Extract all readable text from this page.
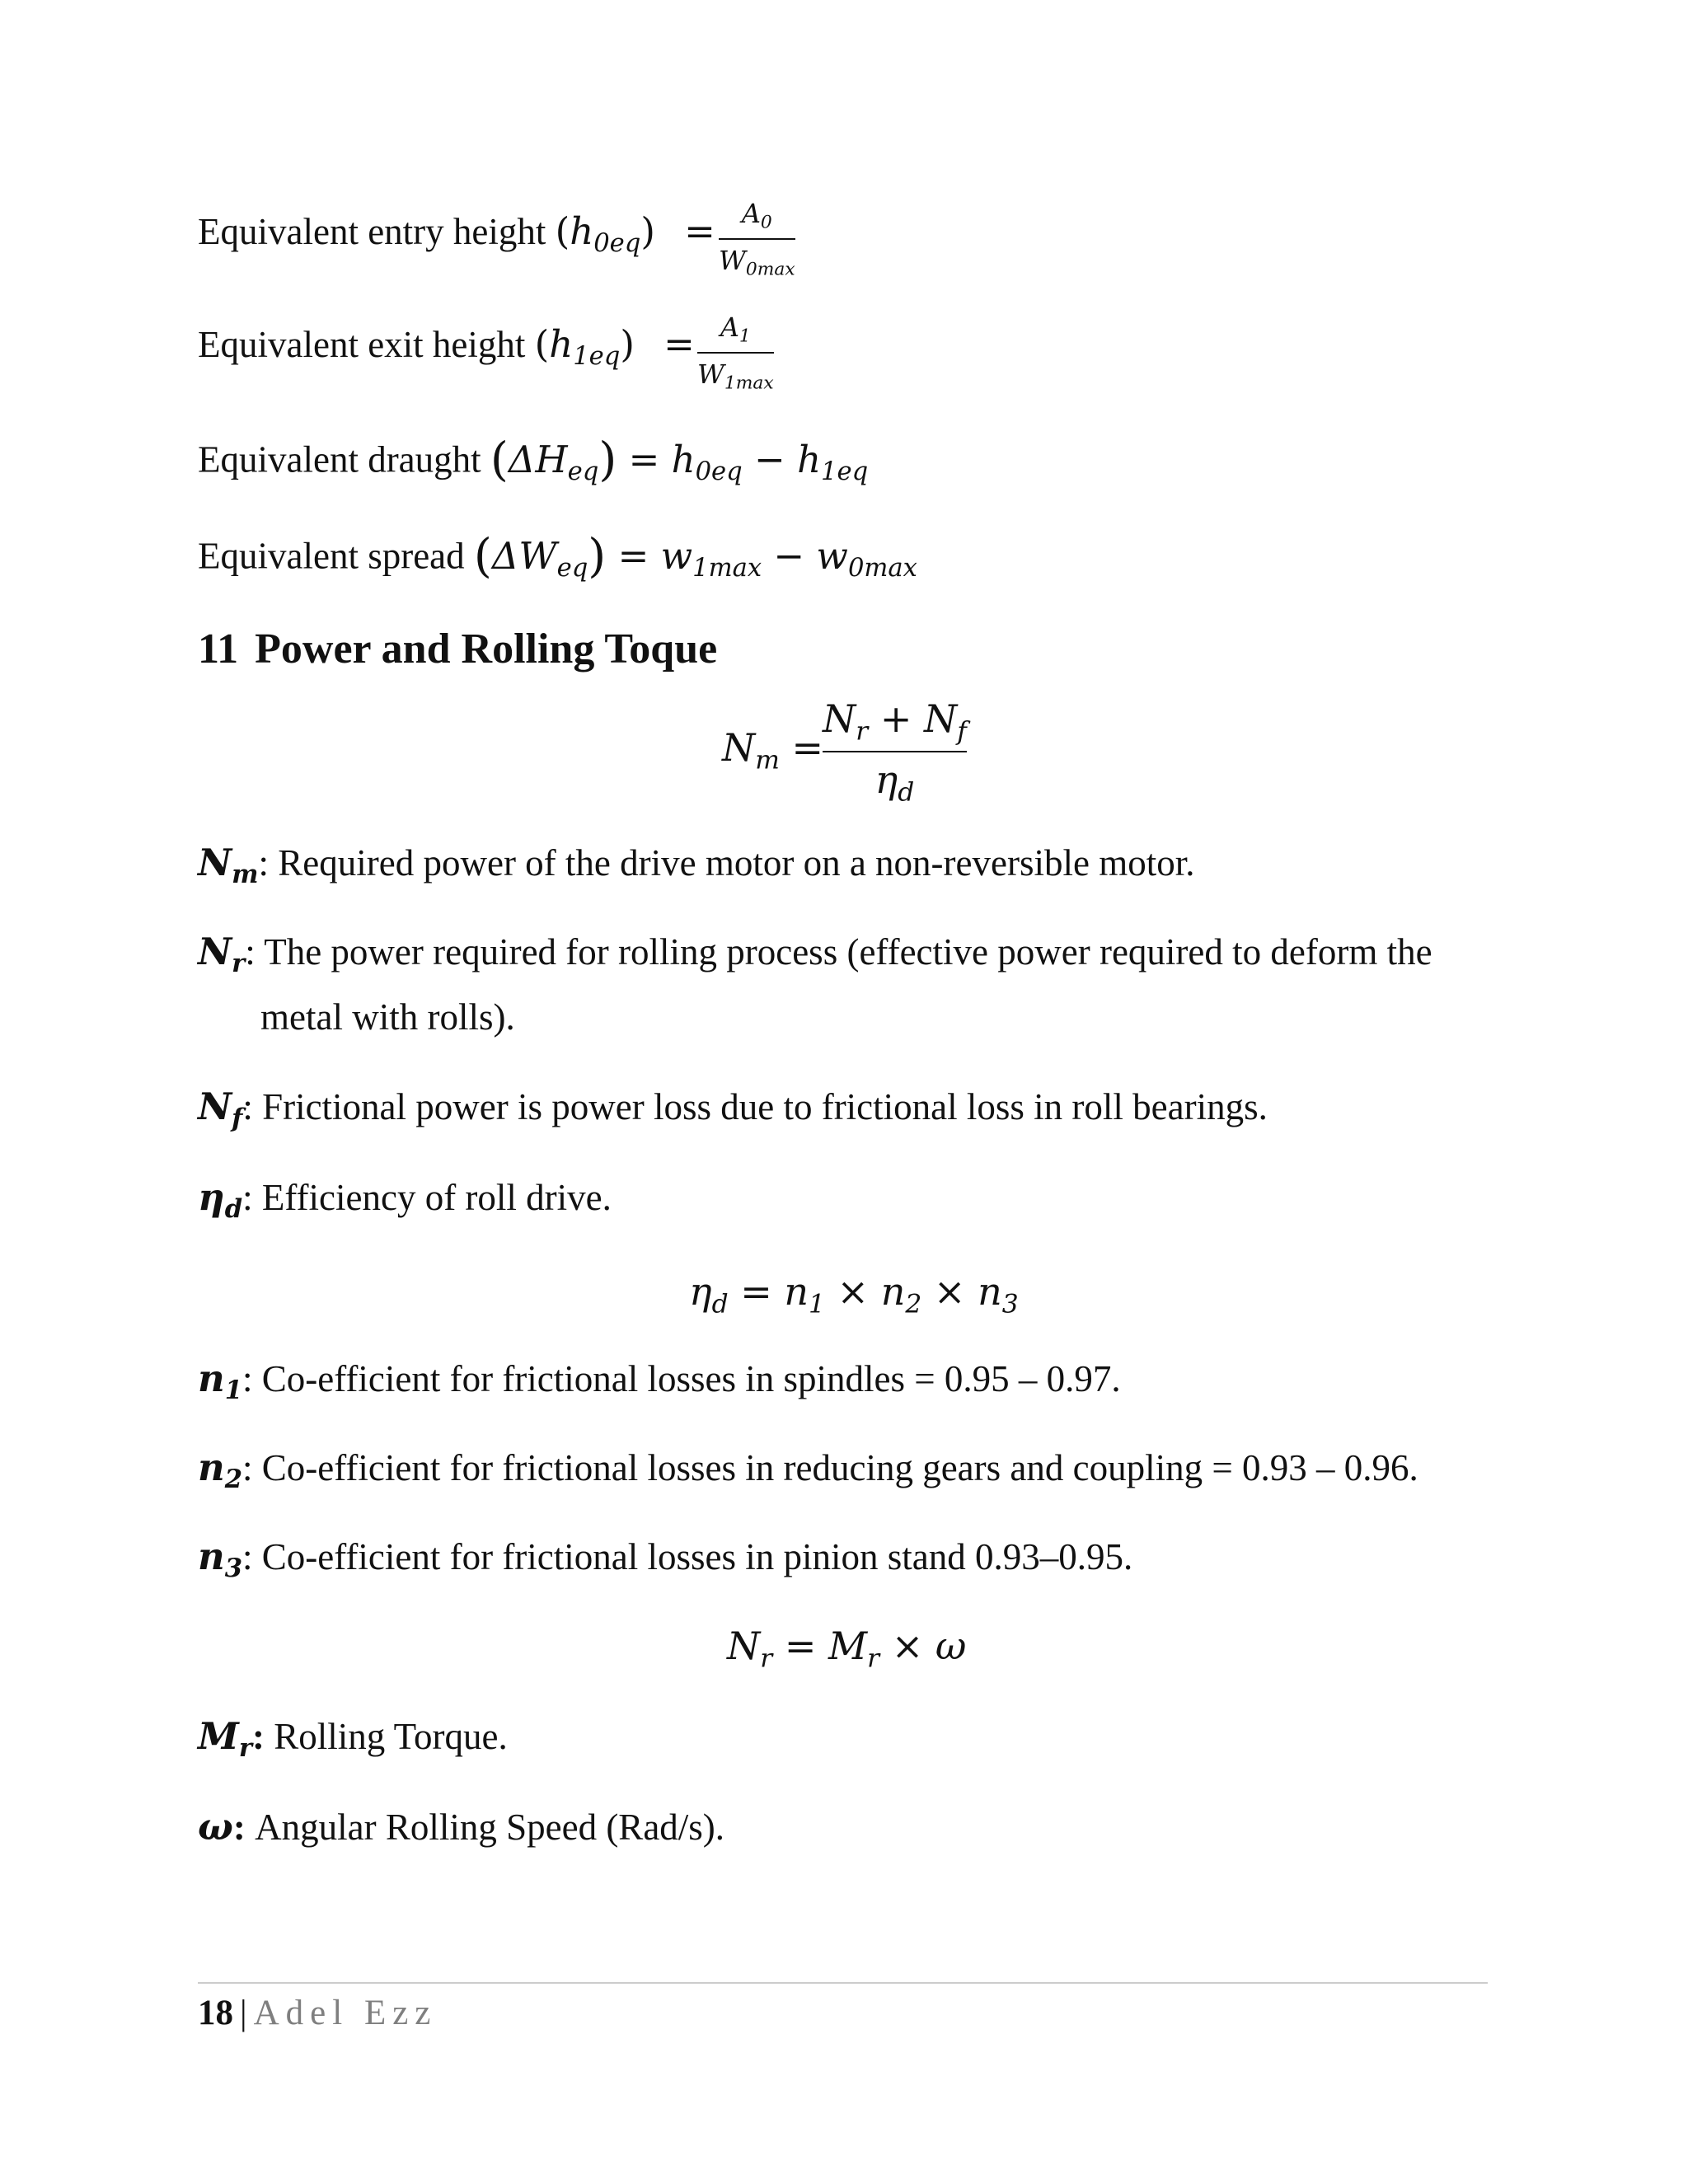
Equivalent entry height $(h_{0eq}) = A_0$
$W_{0max}$
Equivalent exit height $(h_{1eq}) = A_1$
$W_{1max}$
Equivalent draught $(\Delta H_{eq}) = h_{0eq} - h_{1eq}$
Equivalent spread $(\Delta W_{eq}) = w_{1max} - w_{0max}$
11 Power and Rolling Toque
$N_m$ =
$N_r + N_f$
$\eta_d$
$N_m$: Required power of the drive motor on a non-reversible motor.
$N_r$: The power required for rolling process (effective power required to deform the
metal with rolls).
$N_f$: Frictional power is power loss due to frictional loss in roll bearings.
$\eta_d$: Efficiency of roll drive.
$\eta_d = n_1 \times n_2 \times n_3$
$n_1$: Co-efficient for frictional losses in spindles = 0.95 – 0.97.
$n_2$: Co-efficient for frictional losses in reducing gears and coupling = 0.93 – 0.96.
$n_3$: Co-efficient for frictional losses in pinion stand 0.93–0.95.
$N_r = M_r \times \omega$
$M_r$: Rolling Torque.
ω: Angular Rolling Speed (Rad/s).
18 | Adel Ezz
